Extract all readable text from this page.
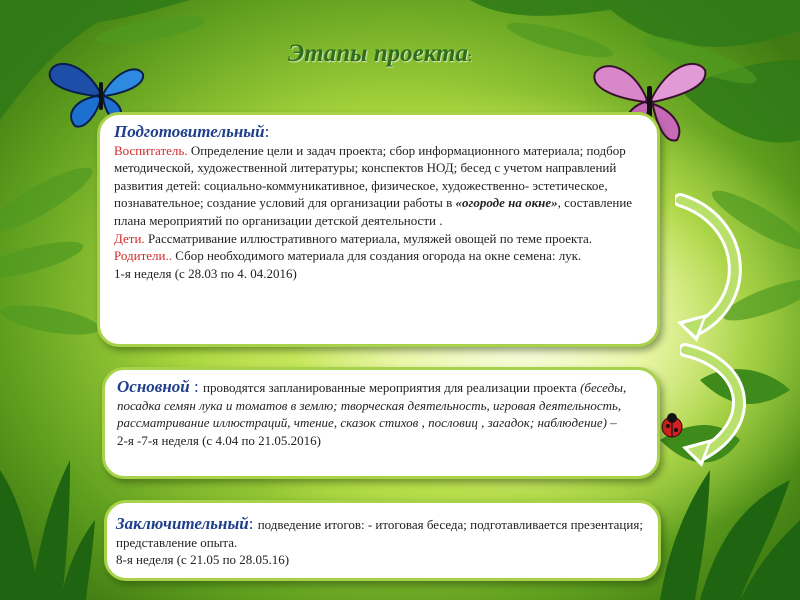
Этапы проекта:
Подготовительный:
Воспитатель. Определение цели и задач проекта; сбор информационного материала; подбор методической, художественной литературы; конспектов НОД; бесед с учетом направлений развития детей: социально-коммуникативное, физическое, художественно- эстетическое, познавательное; создание условий для организации работы в «огороде на окне», составление плана мероприятий по организации детской деятельности .
Дети. Рассматривание иллюстративного материала, муляжей овощей по теме проекта.
Родители.. Сбор необходимого материала для создания огорода на окне семена: лук.
1-я неделя (с 28.03 по 4. 04.2016)
Основной : проводятся запланированные мероприятия для реализации проекта (беседы, посадка семян лука и томатов в землю; творческая деятельность, игровая деятельность, рассматривание иллюстраций, чтение, сказок стихов , пословиц , загадок; наблюдение) –
2-я -7-я неделя (с 4.04 по 21.05.2016)
Заключительный: подведение итогов: - итоговая беседа; подготавливается презентация; представление опыта.
8-я неделя (с 21.05 по 28.05.16)
